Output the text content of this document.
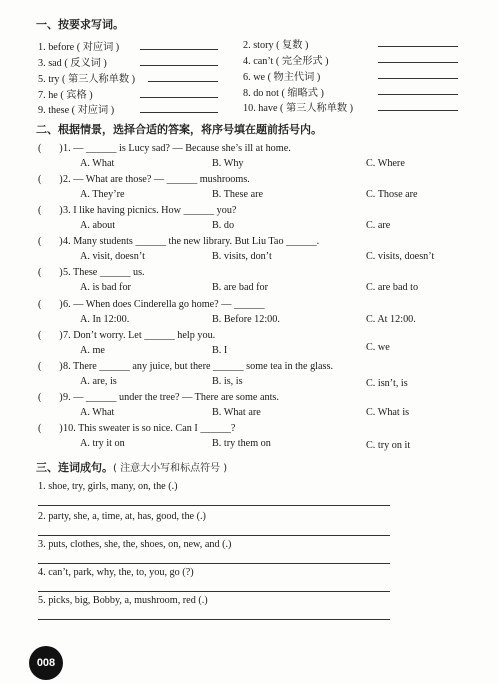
一、按要求写词。
1. before ( 对应词 )	2. story ( 复数 )
3. sad ( 反义词 )	4. can’t ( 完全形式 )
5. try ( 第三人称单数 )	6. we ( 物主代词 )
7. he ( 宾格 )	8. do not ( 缩略式 )
9. these ( 对应词 )	10. have ( 第三人称单数 )
二、根据情景，选择合适的答案，将序号填在题前括号内。
(       ) 1. — ______ is Lucy sad? — Because she’s ill at home.
A. What	B. Why	C. Where
(       ) 2. — What are those? — ______ mushrooms.
A. They’re	B. These are	C. Those are
(       ) 3. I like having picnics. How ______ you?
A. about	B. do	C. are
(       ) 4. Many students ______ the new library. But Liu Tao ______.
A. visit, doesn’t	B. visits, don’t	C. visits, doesn’t
(       ) 5. These ______ us.
A. is bad for	B. are bad for	C. are bad to
(       ) 6. — When does Cinderella go home? — ______
A. In 12:00.	B. Before 12:00.	C. At 12:00.
(       ) 7. Don’t worry. Let ______ help you.
A. me	B. I	C. we
(       ) 8. There ______ any juice, but there ______ some tea in the glass.
A. are, is	B. is, is	C. isn’t, is
(       ) 9. — ______ under the tree? — There are some ants.
A. What	B. What are	C. What is
(       ) 10. This sweater is so nice. Can I ______?
A. try it on	B. try them on	C. try on it
三、连词成句。( 注意大小写和标点符号 )
1. shoe, try, girls, many, on, the (.)
2. party, she, a, time, at, has, good, the (.)
3. puts, clothes, she, the, shoes, on, new, and (.)
4. can’t, park, why, the, to, you, go (?)
5. picks, big, Bobby, a, mushroom, red (.)
008
